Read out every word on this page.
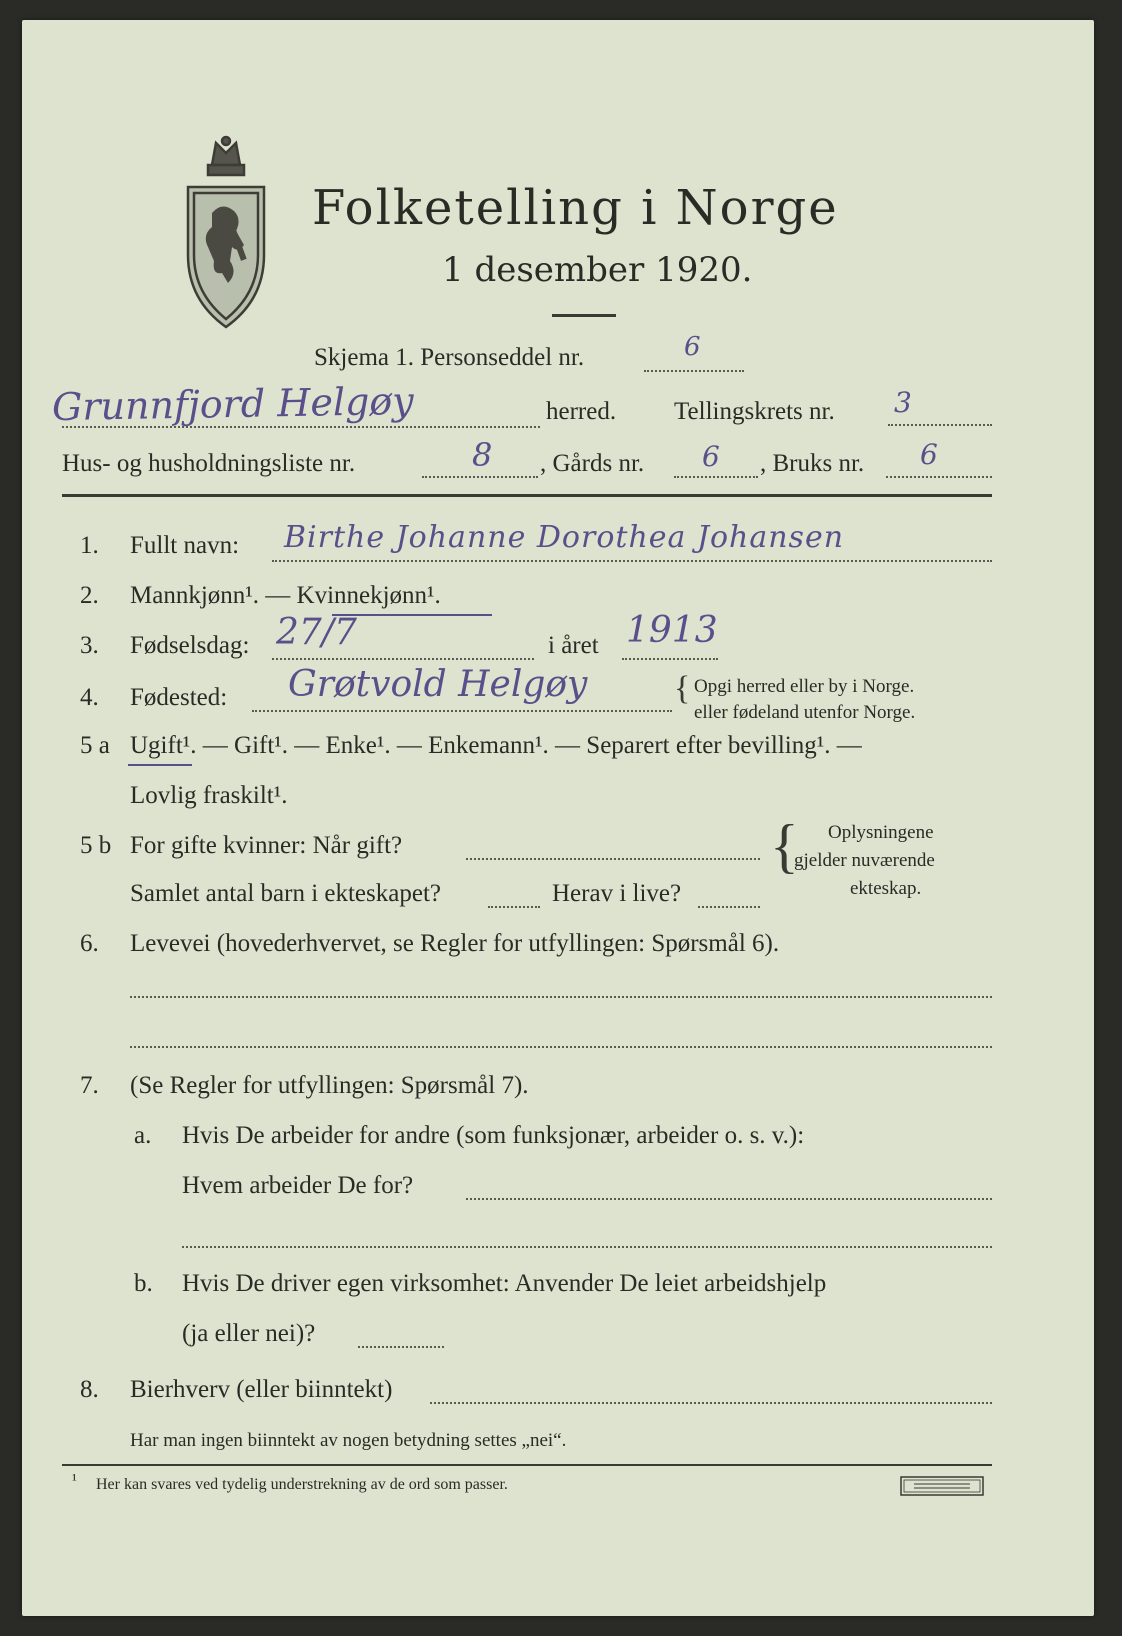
Folketelling i Norge
1 desember 1920.
Skjema 1. Personseddel nr.	6
Grunnfjord Helgøy	herred. Tellingskrets nr. 3
Hus- og husholdningsliste nr.	8 , Gårds nr. 6 , Bruks nr. 6
1. Fullt navn: Birthe Johanne Dorothea Johansen
2. Mannkjønn¹. — Kvinnekjønn¹.
3. Fødselsdag: 27/7	i året 1913
4. Fødested: Grøtvold Helgøy	{ Opgi herred eller by i Norge.
eller fødeland utenfor Norge.
5 a Ugift¹. — Gift¹. — Enke¹. — Enkemann¹. — Separert efter bevilling¹. —
Lovlig fraskilt¹.
5 b For gifte kvinner: Når gift?
Samlet antal barn i ekteskapet?	Herav i live?
{ Oplysningene
gjelder nuværende
ekteskap.
6. Levevei (hovederhvervet, se Regler for utfyllingen: Spørsmål 6).
7. (Se Regler for utfyllingen: Spørsmål 7).
a. Hvis De arbeider for andre (som funksjonær, arbeider o. s. v.):
Hvem arbeider De for?
b. Hvis De driver egen virksomhet: Anvender De leiet arbeidshjelp
(ja eller nei)?
8. Bierhverv (eller biinntekt)
Har man ingen biinntekt av nogen betydning settes „nei“.
¹ Her kan svares ved tydelig understrekning av de ord som passer.
